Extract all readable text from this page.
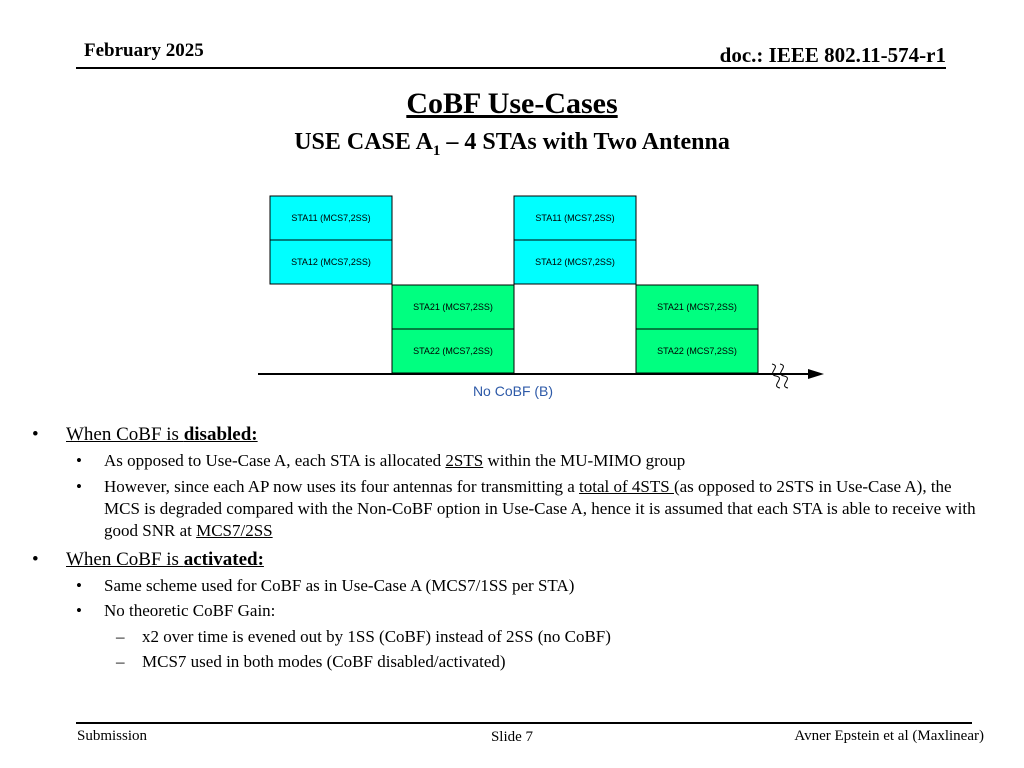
February 2025	doc.: IEEE 802.11-574-r1
CoBF Use-Cases
USE CASE $A_1 - 4$ STAs with Two Antenna
STA11 (MCS7,2SS)
STA12 (MCS7,2SS)
STA21 (MCS7,2SS)
STA22 (MCS7,2SS)
STA11 (MCS7,2SS)
STA12 (MCS7,2SS)
STA21 (MCS7,2SS)
STA22 (MCS7,2SS)
No CoBF (B)
• When CoBF is disabled:
• As opposed to Use-Case A, each STA is allocated 2STS within the MU-MIMO group
• However, since each AP now uses its four antennas for transmitting a total of 4STS (as opposed to 2STS in Use-Case A), the MCS is degraded compared with the Non-CoBF option in Use-Case A, hence it is assumed that each STA is able to receive with good SNR at MCS7/2SS
• When CoBF is activated:
• Same scheme used for CoBF as in Use-Case A (MCS7/1SS per STA)
• No theoretic CoBF Gain:
– x2 over time is evened out by 1SS (CoBF) instead of 2SS (no CoBF)
– MCS7 used in both modes (CoBF disabled/activated)
Submission	Slide 7	Avner Epstein et al (Maxlinear)
